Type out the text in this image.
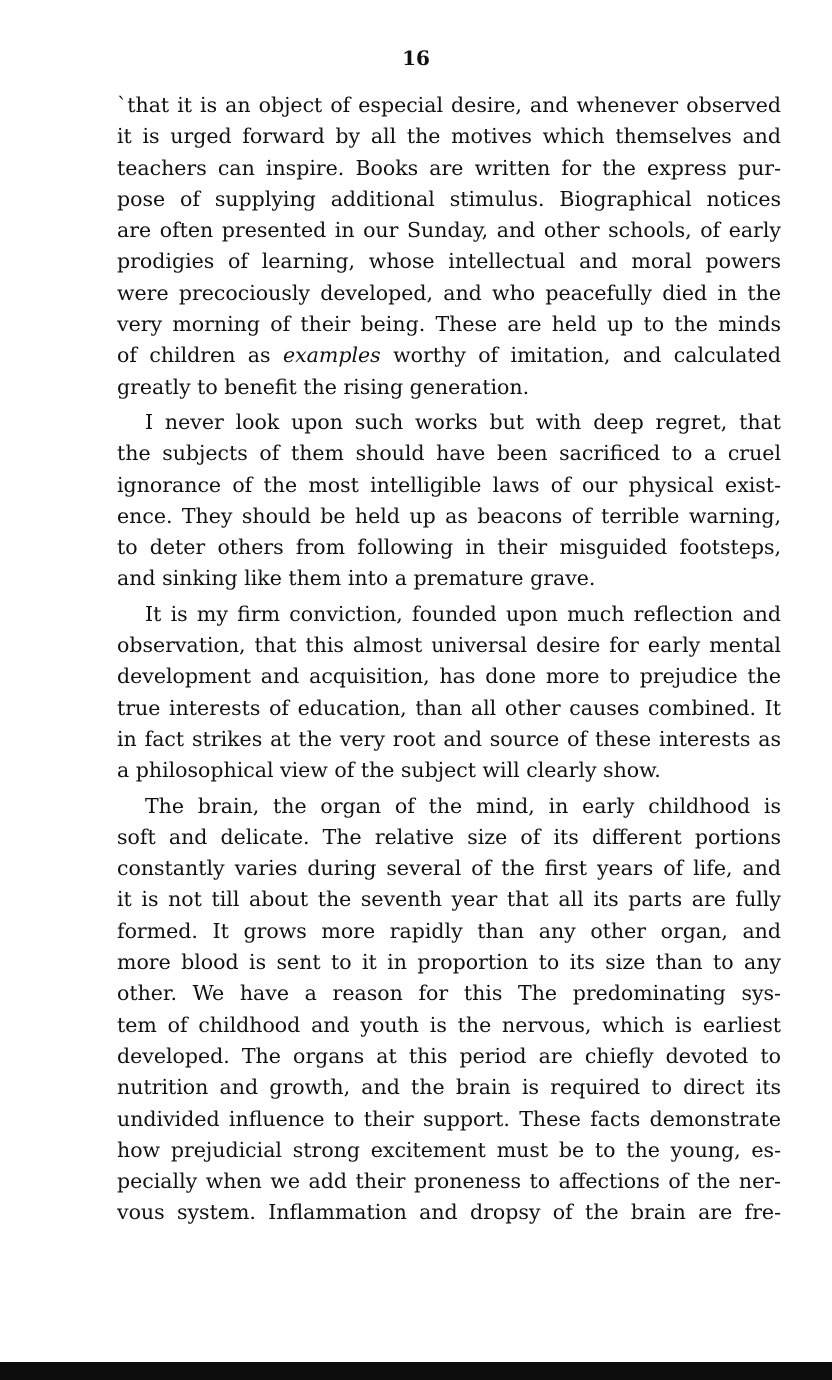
16
`that it is an object of especial desire, and whenever observed
it is urged forward by all the motives which themselves and
teachers can inspire. Books are written for the express pur-
pose of supplying additional stimulus. Biographical notices
are often presented in our Sunday, and other schools, of early
prodigies of learning, whose intellectual and moral powers
were precociously developed, and who peacefully died in the
very morning of their being. These are held up to the minds
of children as examples worthy of imitation, and calculated
greatly to benefit the rising generation.
I never look upon such works but with deep regret, that
the subjects of them should have been sacrificed to a cruel
ignorance of the most intelligible laws of our physical exist-
ence. They should be held up as beacons of terrible warning,
to deter others from following in their misguided footsteps,
and sinking like them into a premature grave.
It is my firm conviction, founded upon much reflection and
observation, that this almost universal desire for early mental
development and acquisition, has done more to prejudice the
true interests of education, than all other causes combined. It
in fact strikes at the very root and source of these interests as
a philosophical view of the subject will clearly show.
The brain, the organ of the mind, in early childhood is
soft and delicate. The relative size of its different portions
constantly varies during several of the first years of life, and
it is not till about the seventh year that all its parts are fully
formed. It grows more rapidly than any other organ, and
more blood is sent to it in proportion to its size than to any
other. We have a reason for this The predominating sys-
tem of childhood and youth is the nervous, which is earliest
developed. The organs at this period are chiefly devoted to
nutrition and growth, and the brain is required to direct its
undivided influence to their support. These facts demonstrate
how prejudicial strong excitement must be to the young, es-
pecially when we add their proneness to affections of the ner-
vous system. Inflammation and dropsy of the brain are fre-
